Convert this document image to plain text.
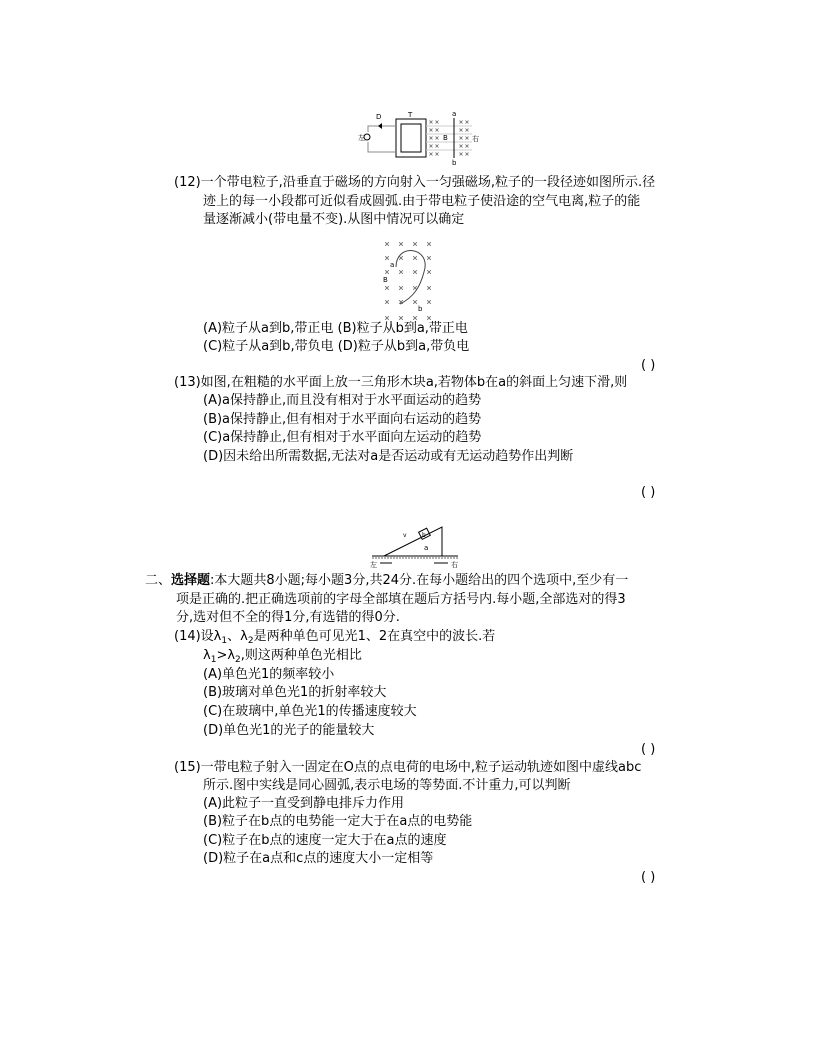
左	右
D	T	a
b
B
(12)一个带电粒子,沿垂直于磁场的方向射入一匀强磁场,粒子的一段径迹如图所示.径
迹上的每一小段都可近似看成圆弧.由于带电粒子使沿途的空气电离,粒子的能
量逐渐减小(带电量不变).从图中情况可以确定
a
b
B
(A)粒子从a到b,带正电 (B)粒子从b到a,带正电
(C)粒子从a到b,带负电 (D)粒子从b到a,带负电
( )
(13)如图,在粗糙的水平面上放一三角形木块a,若物体b在a的斜面上匀速下滑,则
(A)a保持静止,而且没有相对于水平面运动的趋势
(B)a保持静止,但有相对于水平面向右运动的趋势
(C)a保持静止,但有相对于水平面向左运动的趋势
(D)因未给出所需数据,无法对a是否运动或有无运动趋势作出判断
( )
b
v
a
左	右
二、选择题:本大题共8小题;每小题3分,共24分.在每小题给出的四个选项中,至少有一
项是正确的.把正确选项前的字母全部填在题后方括号内.每小题,全部选对的得3
分,选对但不全的得1分,有选错的得0分.
(14)设$\lambda_1$、$\lambda_2$是两种单色可见光1、2在真空中的波长.若
$\lambda_1>\lambda_2$,则这两种单色光相比
(A)单色光1的频率较小
(B)玻璃对单色光1的折射率较大
(C)在玻璃中,单色光1的传播速度较大
(D)单色光1的光子的能量较大
( )
(15)一带电粒子射入一固定在O点的点电荷的电场中,粒子运动轨迹如图中虚线abc
所示.图中实线是同心圆弧,表示电场的等势面.不计重力,可以判断
(A)此粒子一直受到静电排斥力作用
(B)粒子在b点的电势能一定大于在a点的电势能
(C)粒子在b点的速度一定大于在a点的速度
(D)粒子在a点和c点的速度大小一定相等
( )
